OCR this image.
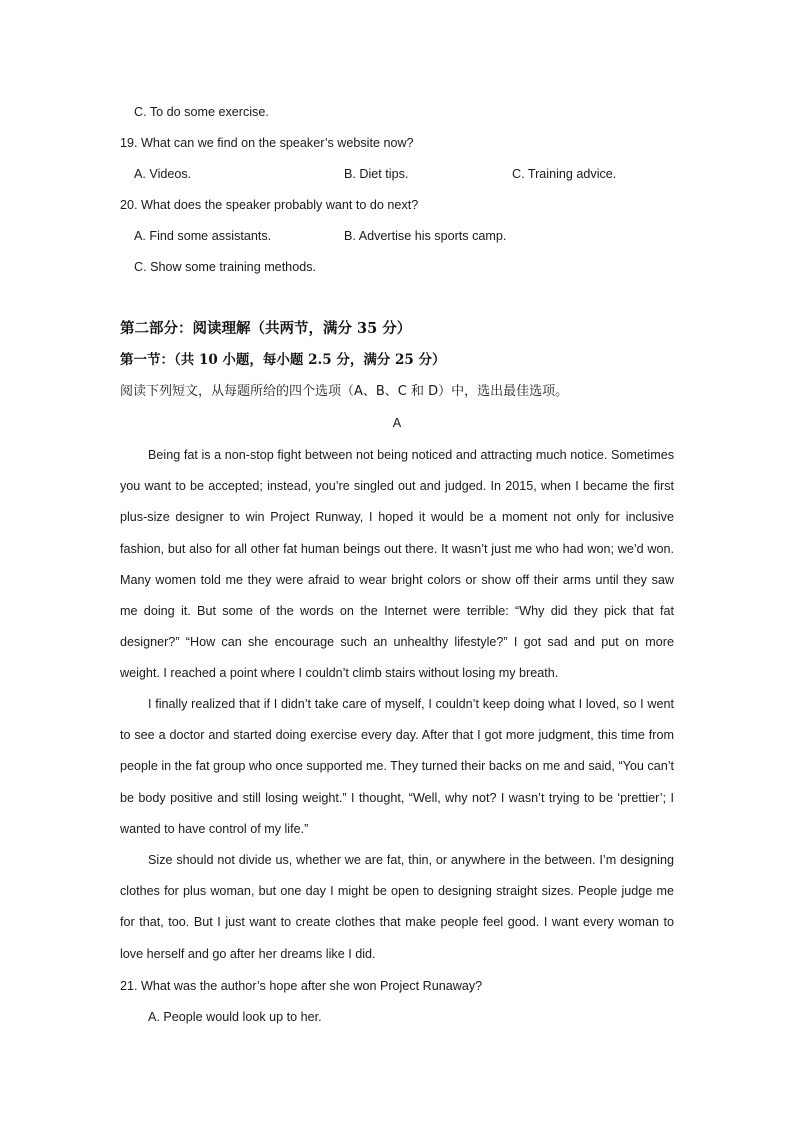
C. To do some exercise.
19. What can we find on the speaker’s website now?
A. Videos.	B. Diet tips.	C. Training advice.
20. What does the speaker probably want to do next?
A. Find some assistants.	B. Advertise his sports camp.
C. Show some training methods.
第二部分：阅读理解（共两节，满分 35 分）
第一节：（共 10 小题，每小题 2.5 分，满分 25 分）
阅读下列短文，从每题所给的四个选项（A、B、C 和 D）中，选出最佳选项。
A

Being fat is a non-stop fight between not being noticed and attracting much notice. Sometimes you want to be accepted; instead, you’re singled out and judged. In 2015, when I became the first plus-size designer to win Project Runway, I hoped it would be a moment not only for inclusive fashion, but also for all other fat human beings out there. It wasn’t just me who had won; we’d won. Many women told me they were afraid to wear bright colors or show off their arms until they saw me doing it. But some of the words on the Internet were terrible: “Why did they pick that fat designer?” “How can she encourage such an unhealthy lifestyle?” I got sad and put on more weight. I reached a point where I couldn’t climb stairs without losing my breath.

I finally realized that if I didn’t take care of myself, I couldn’t keep doing what I loved, so I went to see a doctor and started doing exercise every day. After that I got more judgment, this time from people in the fat group who once supported me. They turned their backs on me and said, “You can’t be body positive and still losing weight.” I thought, “Well, why not? I wasn’t trying to be ‘prettier’; I wanted to have control of my life.”

Size should not divide us, whether we are fat, thin, or anywhere in the between. I’m designing clothes for plus woman, but one day I might be open to designing straight sizes. People judge me for that, too. But I just want to create clothes that make people feel good. I want every woman to love herself and go after her dreams like I did.

21. What was the author’s hope after she won Project Runaway?
A. People would look up to her.
